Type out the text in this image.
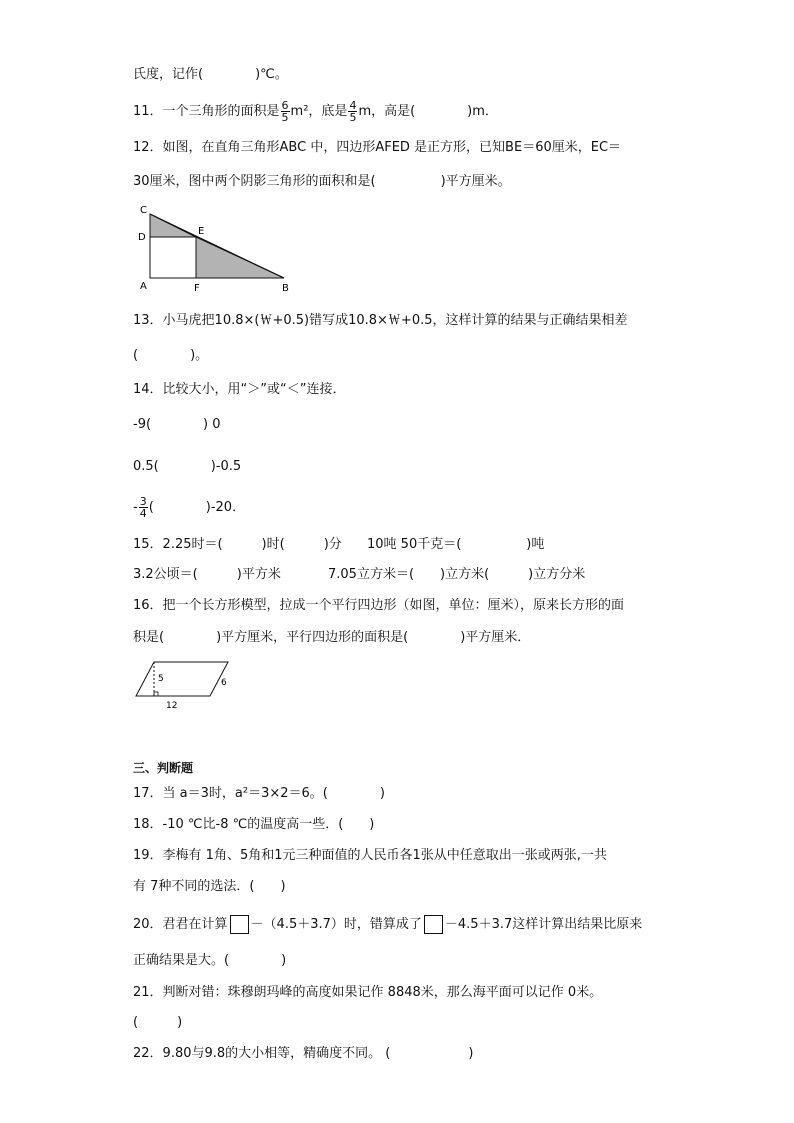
氏度，记作(　　　　)℃。
11．一个三角形的面积是 $\frac{6}{5} m^2$，底是 $\frac{4}{5}$ m，高是(　　　　)m．
12．如图，在直角三角形ABC 中，四边形AFED 是正方形，已知BE＝60厘米，EC＝
30厘米，图中两个阴影三角形的面积和是(　　　　　)平方厘米。
C
D
E
A	F	B
13．小马虎把10.8×(￦+0.5)错写成10.8×￦+0.5，这样计算的结果与正确结果相差
(　　　　)。
14．比较大小，用“＞”或“＜”连接．
-9(　　　　) 0
0.5(　　　　)-0.5
- $\frac{3}{4}$ (　　　　)-20．
15．2.25时＝(　　　)时(　　　)分 10吨 50千克＝(　　　　　)吨
3.2公顷＝(　　　)平方米	7.05立方米＝(　　)立方米(　　　)立方分米
16．把一个长方形模型，拉成一个平行四边形（如图，单位：厘米），原来长方形的面
积是(　　　　)平方厘米，平行四边形的面积是(　　　　)平方厘米．
5	6
12
三、判断题
17．当 a＝3时，a²＝3×2＝6。(　　　　)
18．-10 ℃比-8 ℃的温度高一些．(　　)
19．李梅有 1角、5角和1元三种面值的人民币各1张从中任意取出一张或两张,一共
有 7种不同的选法．(　　)
20．君君在计算 －（4.5＋3.7）时，错算成了 －4.5＋3.7这样计算出结果比原来
正确结果是大。(　　　　)
21．判断对错：珠穆朗玛峰的高度如果记作 8848米，那么海平面可以记作 0米。
(　　　)
22．9.80与9.8的大小相等，精确度不同。 (　　　　　　)
